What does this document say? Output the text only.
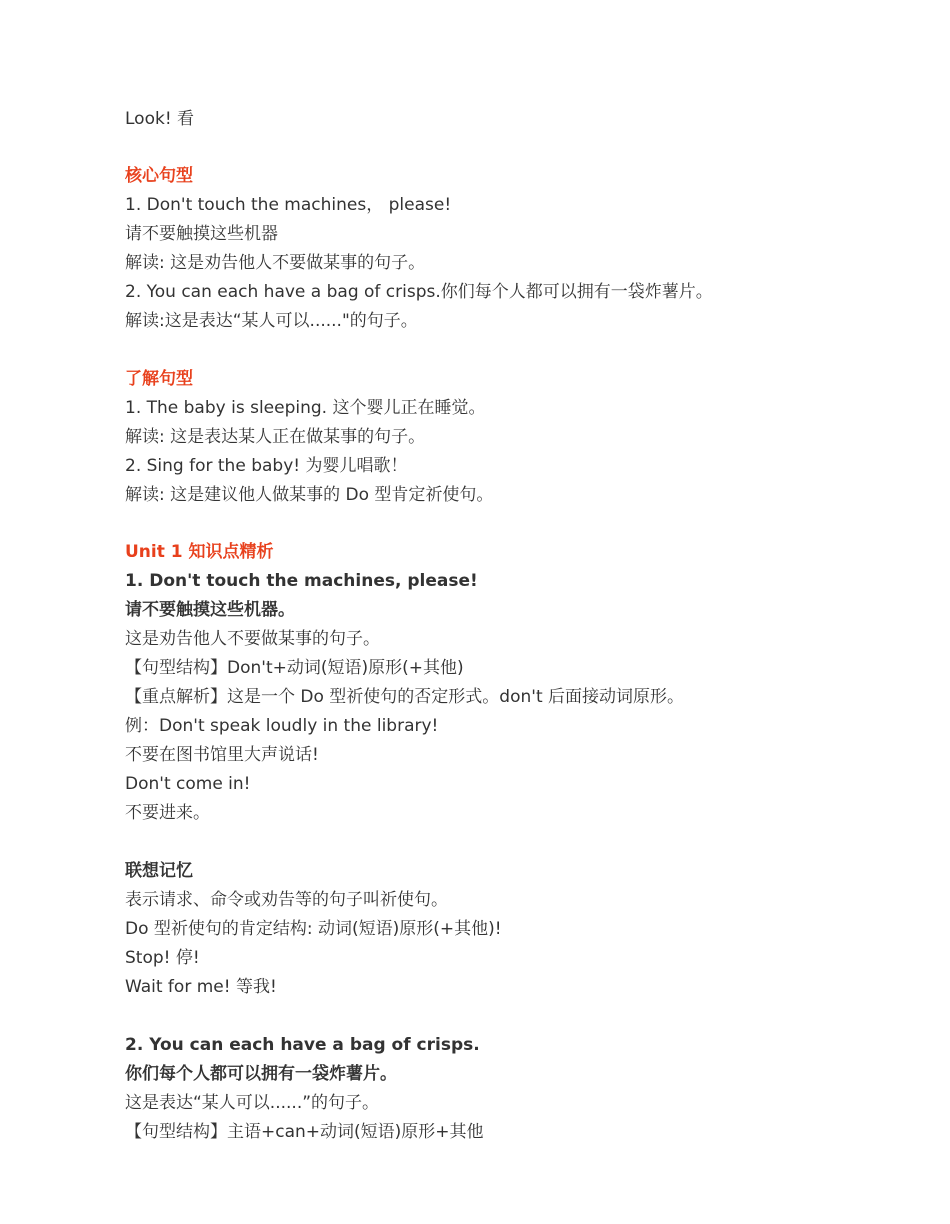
Look! 看
核心句型
1. Don't touch the machines， please!
请不要触摸这些机器
解读: 这是劝告他人不要做某事的句子。
2. You can each have a bag of crisps.你们每个人都可以拥有一袋炸薯片。
解读:这是表达“某人可以......"的句子。
了解句型
1. The baby is sleeping. 这个婴儿正在睡觉。
解读: 这是表达某人正在做某事的句子。
2. Sing for the baby! 为婴儿唱歌！
解读: 这是建议他人做某事的 Do 型肯定祈使句。
Unit 1 知识点精析
1. Don't touch the machines, please!
请不要触摸这些机器。
这是劝告他人不要做某事的句子。
【句型结构】Don't+动词(短语)原形(+其他)
【重点解析】这是一个 Do 型祈使句的否定形式。don't 后面接动词原形。
例：Don't speak loudly in the library!
不要在图书馆里大声说话!
Don't come in!
不要进来。
联想记忆
表示请求、命令或劝告等的句子叫祈使句。
Do 型祈使句的肯定结构: 动词(短语)原形(+其他)!
Stop! 停!
Wait for me! 等我!
2. You can each have a bag of crisps.
你们每个人都可以拥有一袋炸薯片。
这是表达“某人可以......”的句子。
【句型结构】主语+can+动词(短语)原形+其他
